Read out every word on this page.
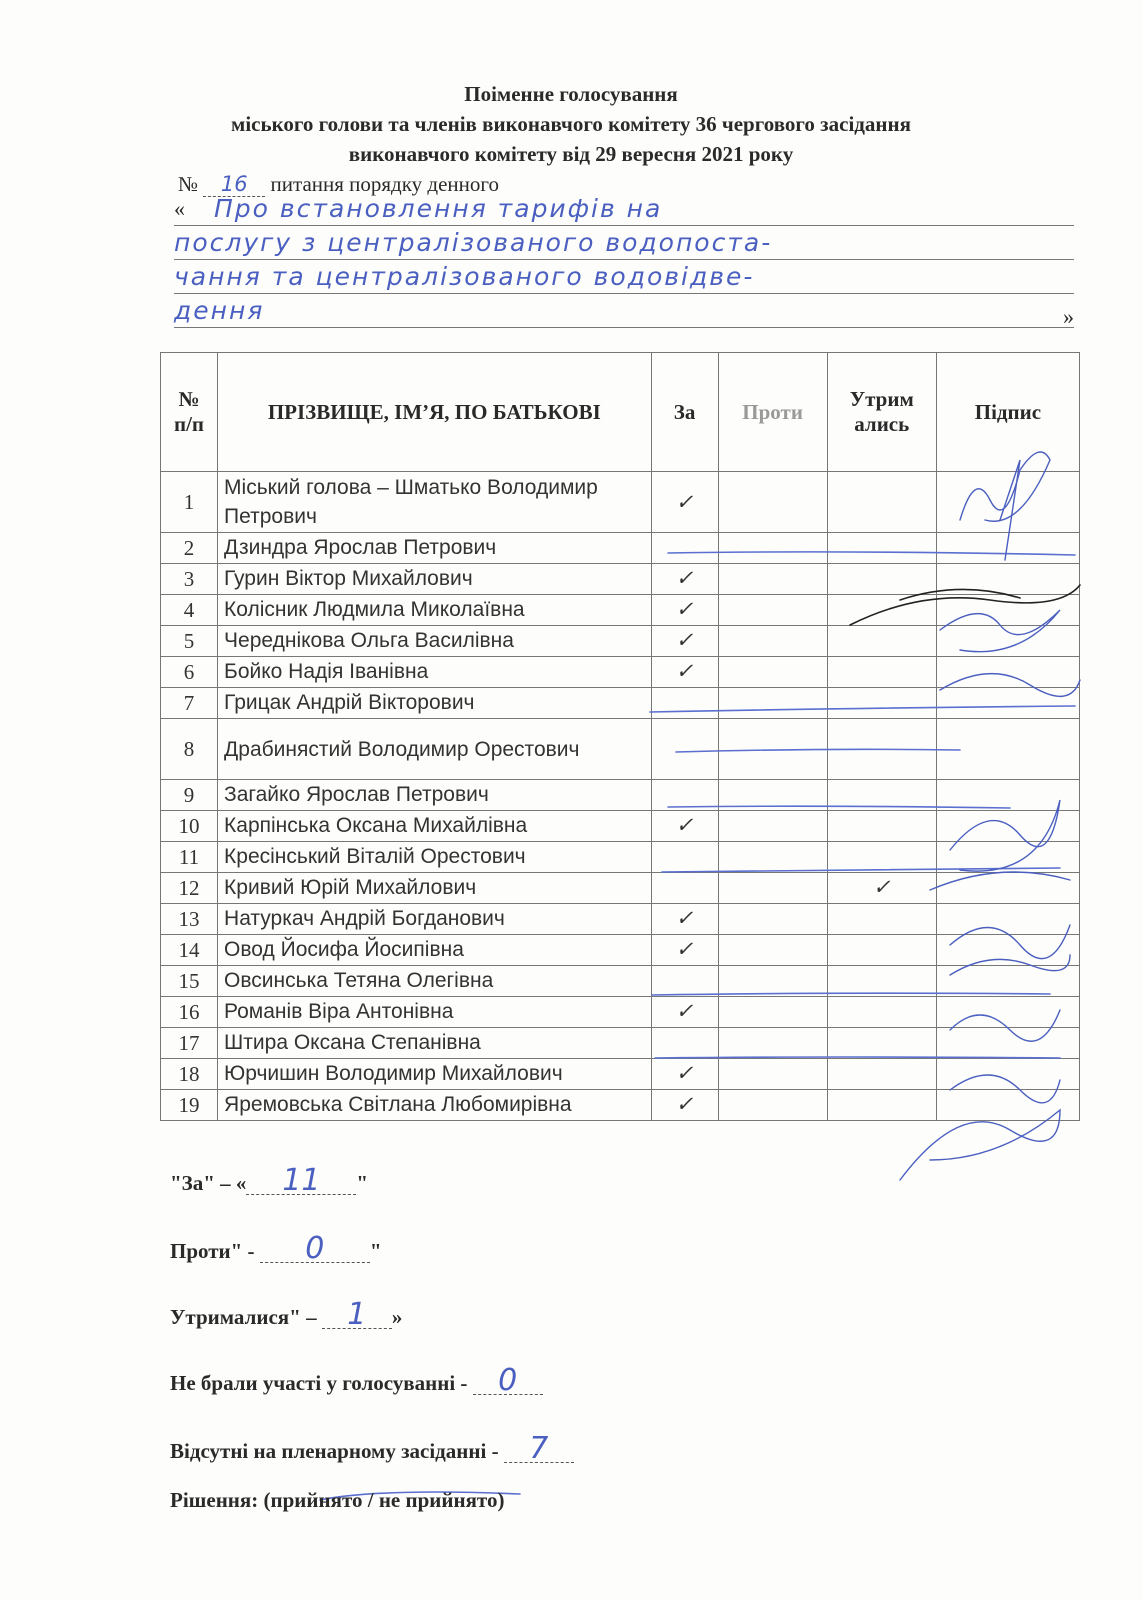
Поіменне голосування
міського голови та членів виконавчого комітету 36 чергового засідання
виконавчого комітету від 29 вересня 2021 року
№ 16 питання порядку денного
« Про встановлення тарифів на
послугу з централізованого водопоста-
чання та централізованого водовідве-
дення	»
№ п/п	ПРІЗВИЩЕ, ІМ’Я, ПО БАТЬКОВІ	За	Проти	Утрим ались	Підпис
1	Міський голова – Шматько Володимир Петрович	✓			
2	Дзиндра Ярослав Петрович				
3	Гурин Віктор Михайлович	✓			
4	Колісник Людмила Миколаївна	✓			
5	Череднікова Ольга Василівна	✓			
6	Бойко Надія Іванівна	✓			
7	Грицак Андрій Вікторович				
8	Драбинястий Володимир Орестович				
9	Загайко Ярослав Петрович				
10	Карпінська Оксана Михайлівна	✓			
11	Кресінський Віталій Орестович				
12	Кривий Юрій Михайлович			✓	
13	Натуркач Андрій Богданович	✓			
14	Овод Йосифа Йосипівна	✓			
15	Овсинська Тетяна Олегівна				
16	Романів Віра Антонівна	✓			
17	Штира Оксана Степанівна				
18	Юрчишин Володимир Михайлович	✓			
19	Яремовська Світлана Любомирівна	✓			
"За" – « 11 "
Проти" - 0 "
Утрималися" – 1 »
Не брали участі у голосуванні - 0
Відсутні на пленарному засіданні - 7
Рішення: (прийнято / не прийнято)
